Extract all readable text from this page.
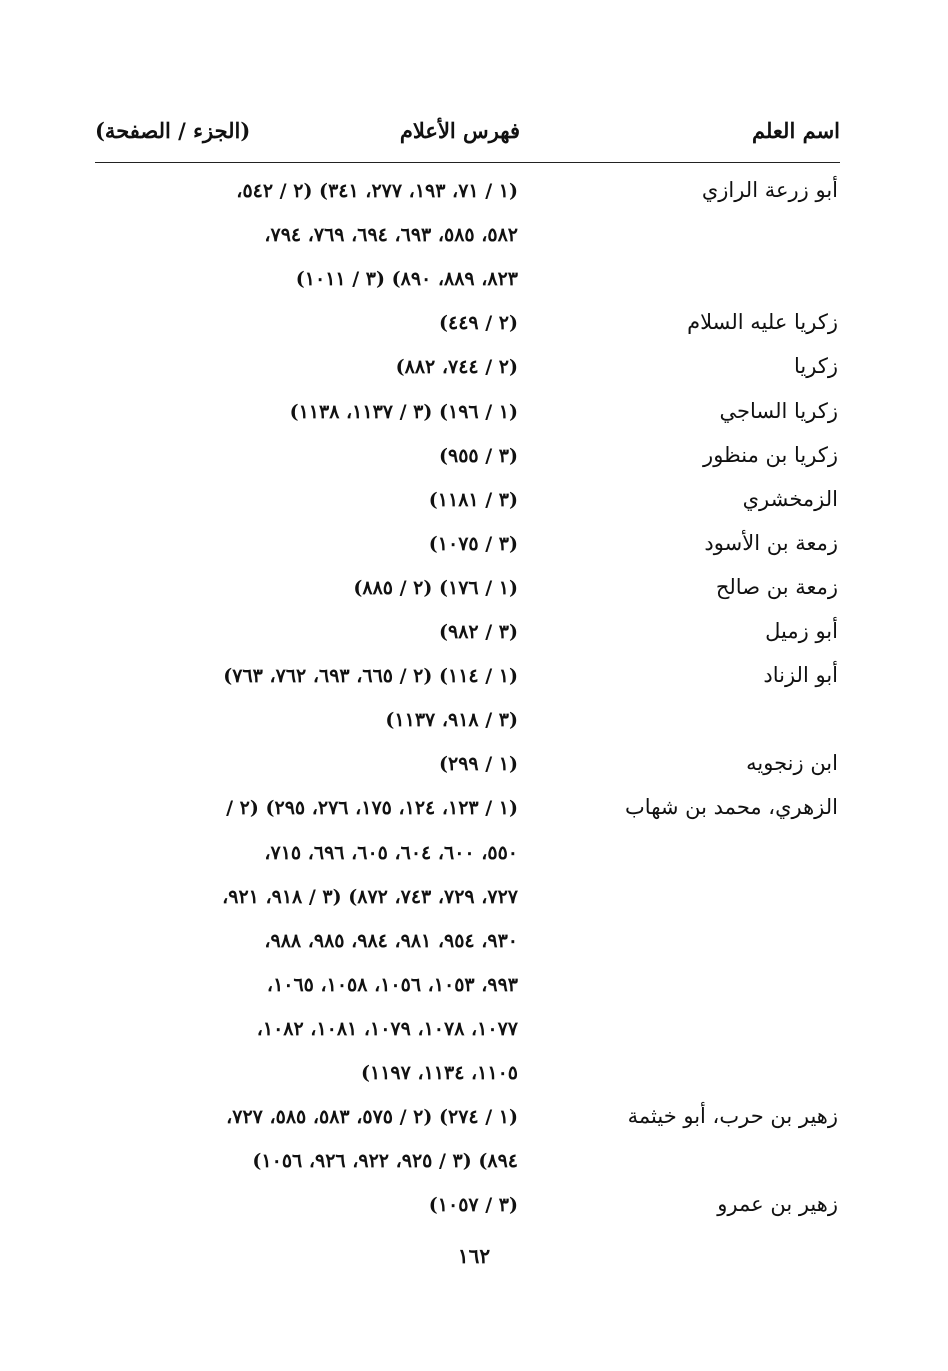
اسم العلم
فهرس الأعلام
(الجزء / الصفحة)
أبو زرعة الرازي
(١ / ٧١، ١٩٣، ٢٧٧، ٣٤١) (٢ / ٥٤٢،
٥٨٢، ٥٨٥، ٦٩٣، ٦٩٤، ٧٦٩، ٧٩٤،
٨٢٣، ٨٨٩، ٨٩٠) (٣ / ١٠١١)
زكريا عليه السلام
(٢ / ٤٤٩)
زكريا
(٢ / ٧٤٤، ٨٨٢)
زكريا الساجي
(١ / ١٩٦) (٣ / ١١٣٧، ١١٣٨)
زكريا بن منظور
(٣ / ٩٥٥)
الزمخشري
(٣ / ١١٨١)
زمعة بن الأسود
(٣ / ١٠٧٥)
زمعة بن صالح
(١ / ١٧٦) (٢ / ٨٨٥)
أبو زميل
(٣ / ٩٨٢)
أبو الزناد
(١ / ١١٤) (٢ / ٦٦٥، ٦٩٣، ٧٦٢، ٧٦٣)
(٣ / ٩١٨، ١١٣٧)
ابن زنجويه
(١ / ٢٩٩)
الزهري، محمد بن شهاب
(١ / ١٢٣، ١٢٤، ١٧٥، ٢٧٦، ٢٩٥) (٢ /
٥٥٠، ٦٠٠، ٦٠٤، ٦٠٥، ٦٩٦، ٧١٥،
٧٢٧، ٧٢٩، ٧٤٣، ٨٧٢) (٣ / ٩١٨، ٩٢١،
٩٣٠، ٩٥٤، ٩٨١، ٩٨٤، ٩٨٥، ٩٨٨،
٩٩٣، ١٠٥٣، ١٠٥٦، ١٠٥٨، ١٠٦٥،
١٠٧٧، ١٠٧٨، ١٠٧٩، ١٠٨١، ١٠٨٢،
١١٠٥، ١١٣٤، ١١٩٧)
زهير بن حرب، أبو خيثمة
(١ / ٢٧٤) (٢ / ٥٧٥، ٥٨٣، ٥٨٥، ٧٢٧،
٨٩٤) (٣ / ٩٢٥، ٩٢٢، ٩٢٦، ١٠٥٦)
زهير بن عمرو
(٣ / ١٠٥٧)
١٦٢
